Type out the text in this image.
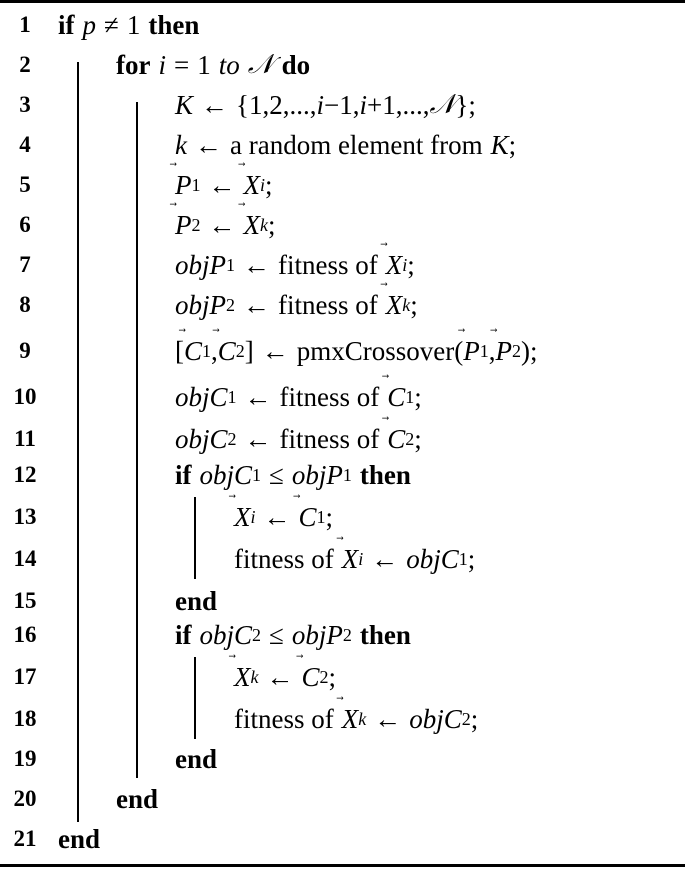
1	if p ≠ 1 then
2	for i = 1 to 𝒩 do
3	K ← {1,2,..., i −1, i +1,..., 𝒩 };
4	k ← a random element from K ;
5	P 1 ← X i ;
6	P 2 ← X k ;
7	objP 1 ← fitness of X i ;
8	objP 2 ← fitness of X k ;
9	[ C 1 , C 2 ] ← pmxCrossover ( P 1 , P 2 );
10	objC 1 ← fitness of C 1 ;
11	objC 2 ← fitness of C 2 ;
12	if objC 1 ≤ objP 1 then
13	X i ← C 1 ;
14	fitness of X i ← objC 1 ;
15	end
16	if objC 2 ≤ objP 2 then
17	X k ← C 2 ;
18	fitness of X k ← objC 2 ;
19	end
20	end
21 end
